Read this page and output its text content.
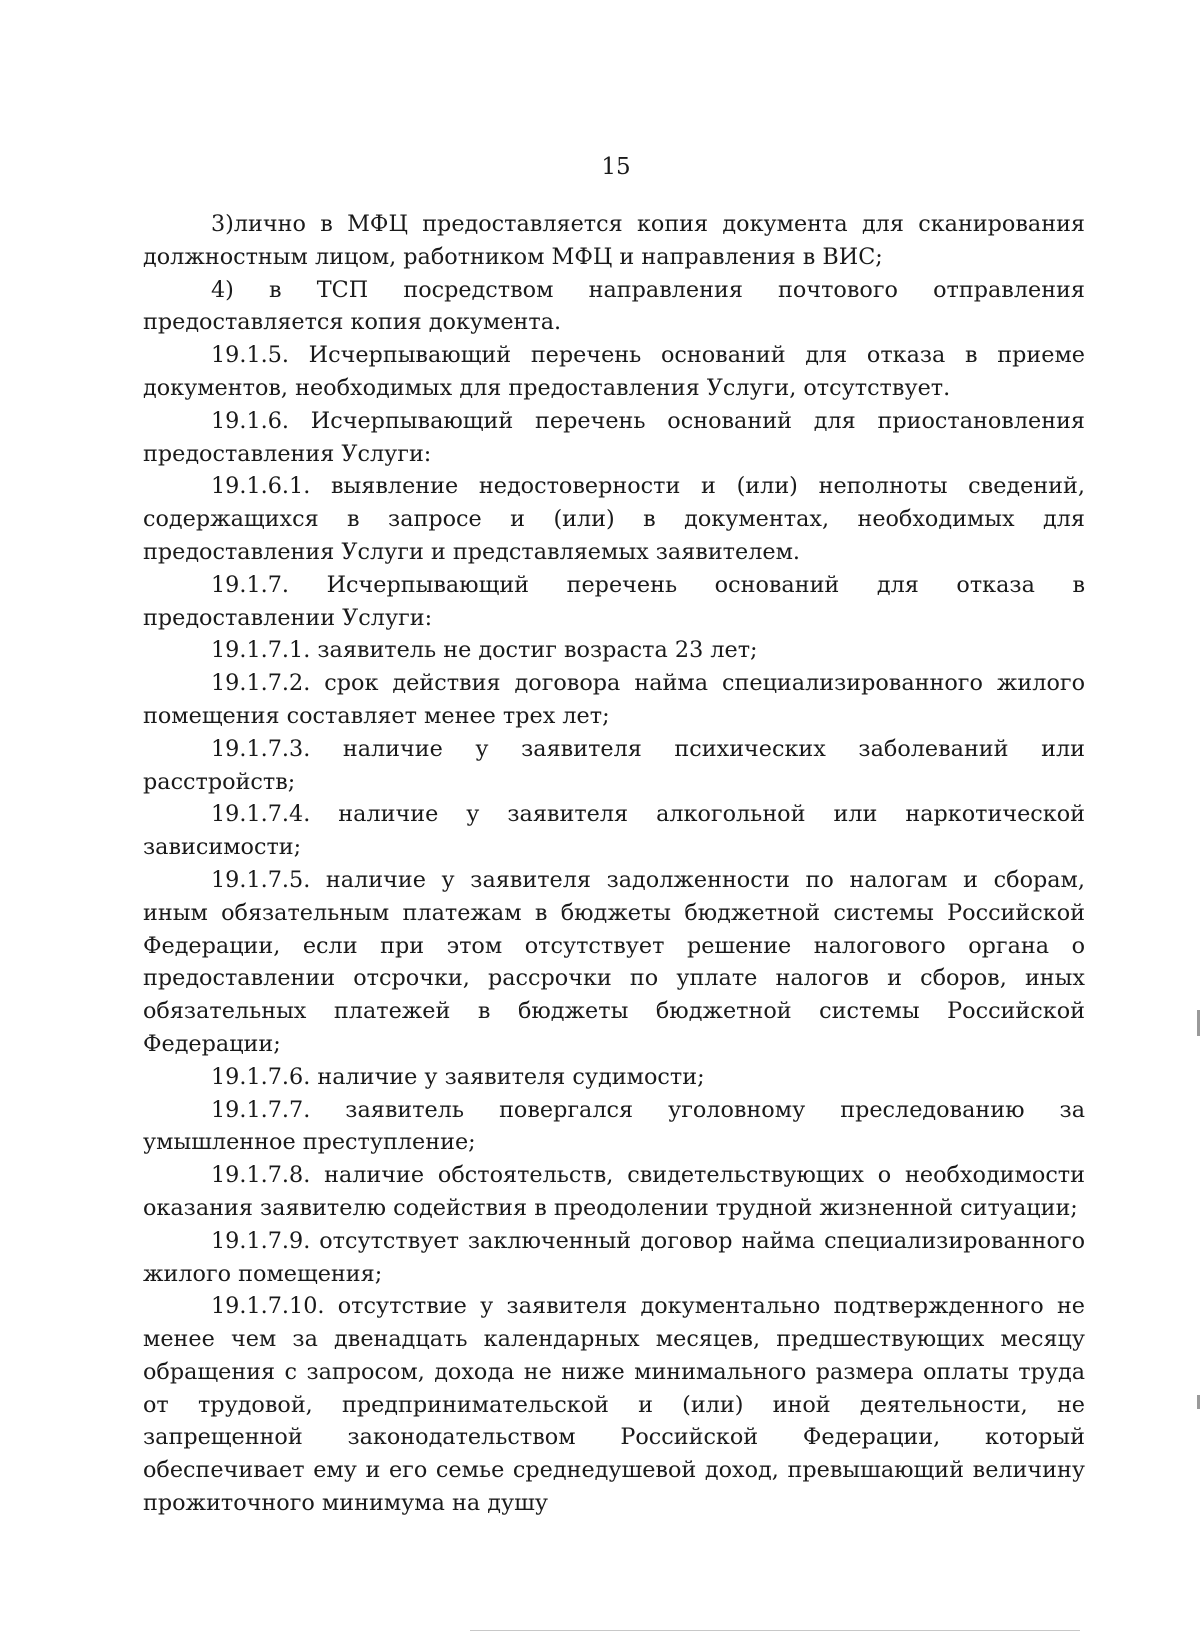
15

3)лично в МФЦ предоставляется копия документа для сканирования должностным лицом, работником МФЦ и направления в ВИС;

4) в ТСП посредством направления почтового отправления предоставляется копия документа.

19.1.5. Исчерпывающий перечень оснований для отказа в приеме документов, необходимых для предоставления Услуги, отсутствует.

19.1.6. Исчерпывающий перечень оснований для приостановления предоставления Услуги:

19.1.6.1. выявление недостоверности и (или) неполноты сведений, содержащихся в запросе и (или) в документах, необходимых для предоставления Услуги и представляемых заявителем.

19.1.7. Исчерпывающий перечень оснований для отказа в предоставлении Услуги:

19.1.7.1. заявитель не достиг возраста 23 лет;

19.1.7.2. срок действия договора найма специализированного жилого помещения составляет менее трех лет;

19.1.7.3. наличие у заявителя психических заболеваний или расстройств;

19.1.7.4. наличие у заявителя алкогольной или наркотической зависимости;

19.1.7.5. наличие у заявителя задолженности по налогам и сборам, иным обязательным платежам в бюджеты бюджетной системы Российской Федерации, если при этом отсутствует решение налогового органа о предоставлении отсрочки, рассрочки по уплате налогов и сборов, иных обязательных платежей в бюджеты бюджетной системы Российской Федерации;

19.1.7.6. наличие у заявителя судимости;

19.1.7.7. заявитель повергался уголовному преследованию за умышленное преступление;

19.1.7.8. наличие обстоятельств, свидетельствующих о необходимости оказания заявителю содействия в преодолении трудной жизненной ситуации;

19.1.7.9. отсутствует заключенный договор найма специализированного жилого помещения;

19.1.7.10. отсутствие у заявителя документально подтвержденного не менее чем за двенадцать календарных месяцев, предшествующих месяцу обращения с запросом, дохода не ниже минимального размера оплаты труда от трудовой, предпринимательской и (или) иной деятельности, не запрещенной законодательством Российской Федерации, который обеспечивает ему и его семье среднедушевой доход, превышающий величину прожиточного минимума на душу
